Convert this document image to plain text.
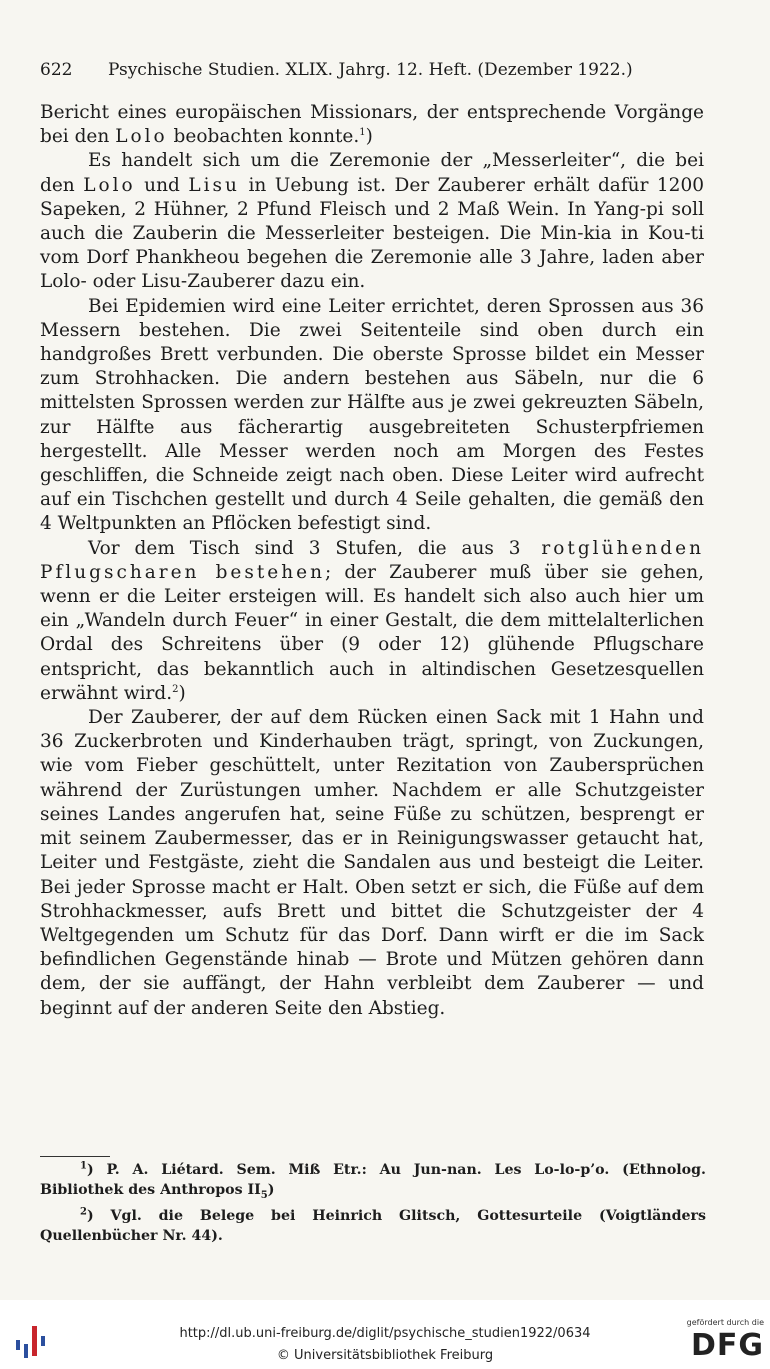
622 Psychische Studien. XLIX. Jahrg. 12. Heft. (Dezember 1922.)

Bericht eines europäischen Missionars, der entsprechende Vorgänge bei den Lolo beobachten konnte.$^1$)

Es handelt sich um die Zeremonie der „Messerleiter“, die bei den Lolo und Lisu in Uebung ist. Der Zauberer erhält dafür 1200 Sapeken, 2 Hühner, 2 Pfund Fleisch und 2 Maß Wein. In Yang-pi soll auch die Zauberin die Messerleiter besteigen. Die Min-kia in Kou-ti vom Dorf Phankheou begehen die Zeremonie alle 3 Jahre, laden aber Lolo- oder Lisu-Zauberer dazu ein.

Bei Epidemien wird eine Leiter errichtet, deren Sprossen aus 36 Messern bestehen. Die zwei Seitenteile sind oben durch ein handgroßes Brett verbunden. Die oberste Sprosse bildet ein Messer zum Strohhacken. Die andern bestehen aus Säbeln, nur die 6 mittelsten Sprossen werden zur Hälfte aus je zwei gekreuzten Säbeln, zur Hälfte aus fächerartig ausgebreiteten Schusterpfriemen hergestellt. Alle Messer werden noch am Morgen des Festes geschliffen, die Schneide zeigt nach oben. Diese Leiter wird aufrecht auf ein Tischchen gestellt und durch 4 Seile gehalten, die gemäß den 4 Weltpunkten an Pflöcken befestigt sind.

Vor dem Tisch sind 3 Stufen, die aus 3 rotglühenden Pflugscharen bestehen; der Zauberer muß über sie gehen, wenn er die Leiter ersteigen will. Es handelt sich also auch hier um ein „Wandeln durch Feuer“ in einer Gestalt, die dem mittelalterlichen Ordal des Schreitens über (9 oder 12) glühende Pflugschare entspricht, das bekanntlich auch in altindischen Gesetzesquellen erwähnt wird.$^2$)

Der Zauberer, der auf dem Rücken einen Sack mit 1 Hahn und 36 Zuckerbroten und Kinderhauben trägt, springt, von Zuckungen, wie vom Fieber geschüttelt, unter Rezitation von Zaubersprüchen während der Zurüstungen umher. Nachdem er alle Schutzgeister seines Landes angerufen hat, seine Füße zu schützen, besprengt er mit seinem Zaubermesser, das er in Reinigungswasser getaucht hat, Leiter und Festgäste, zieht die Sandalen aus und besteigt die Leiter. Bei jeder Sprosse macht er Halt. Oben setzt er sich, die Füße auf dem Strohhackmesser, aufs Brett und bittet die Schutzgeister der 4 Weltgegenden um Schutz für das Dorf. Dann wirft er die im Sack befindlichen Gegenstände hinab — Brote und Mützen gehören dann dem, der sie auffängt, der Hahn verbleibt dem Zauberer — und beginnt auf der anderen Seite den Abstieg.

$^1$) P. A. Liétard. Sem. Miß Etr.: Au Jun-nan. Les Lo-lo-p’o. (Ethnolog. Bibliothek des Anthropos $II_5$)

$^2$) Vgl. die Belege bei Heinrich Glitsch, Gottesurteile (Voigtländers Quellenbücher Nr. 44).

http://dl.ub.uni-freiburg.de/diglit/psychische_studien1922/0634
© Universitätsbibliothek Freiburg
gefördert durch die
DFG
